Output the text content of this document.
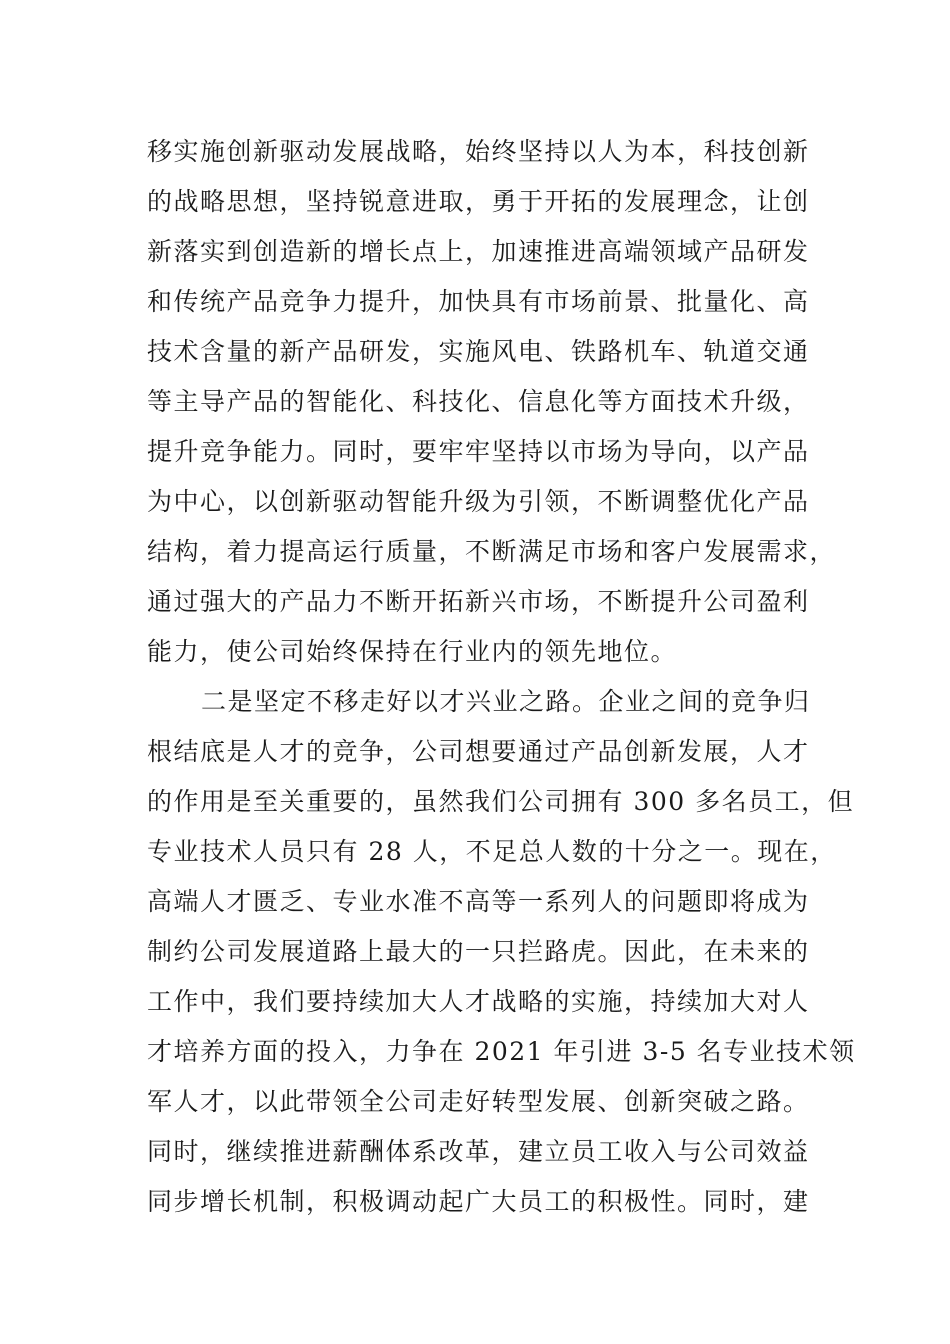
移实施创新驱动发展战略，始终坚持以人为本，科技创新
的战略思想，坚持锐意进取，勇于开拓的发展理念，让创
新落实到创造新的增长点上，加速推进高端领域产品研发
和传统产品竞争力提升，加快具有市场前景、批量化、高
技术含量的新产品研发，实施风电、铁路机车、轨道交通
等主导产品的智能化、科技化、信息化等方面技术升级，
提升竞争能力。同时，要牢牢坚持以市场为导向，以产品
为中心，以创新驱动智能升级为引领，不断调整优化产品
结构，着力提高运行质量，不断满足市场和客户发展需求，
通过强大的产品力不断开拓新兴市场，不断提升公司盈利
能力，使公司始终保持在行业内的领先地位。
二是坚定不移走好以才兴业之路。企业之间的竞争归
根结底是人才的竞争，公司想要通过产品创新发展，人才
的作用是至关重要的，虽然我们公司拥有 300 多名员工，但
专业技术人员只有 28 人，不足总人数的十分之一。现在，
高端人才匮乏、专业水准不高等一系列人的问题即将成为
制约公司发展道路上最大的一只拦路虎。因此，在未来的
工作中，我们要持续加大人才战略的实施，持续加大对人
才培养方面的投入，力争在 2021 年引进 3-5 名专业技术领
军人才，以此带领全公司走好转型发展、创新突破之路。
同时，继续推进薪酬体系改革，建立员工收入与公司效益
同步增长机制，积极调动起广大员工的积极性。同时，建
